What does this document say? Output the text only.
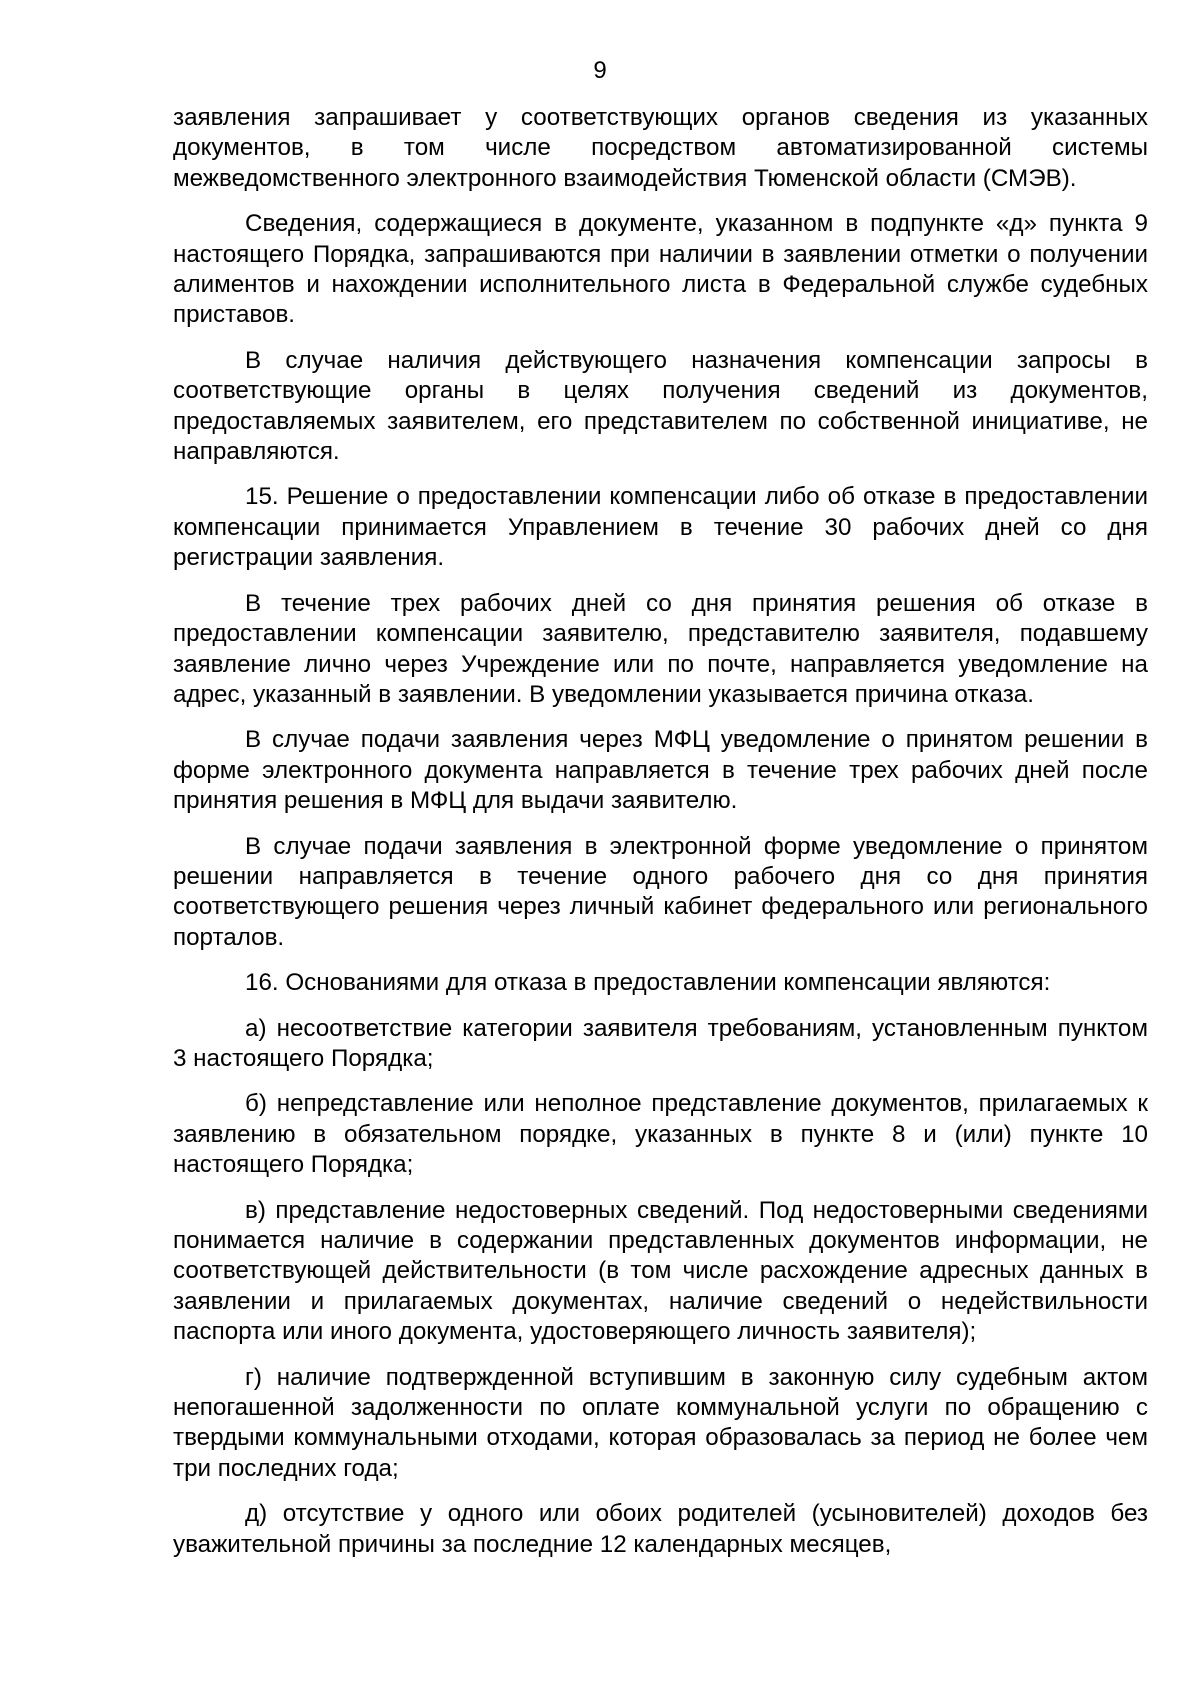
9

заявления запрашивает у соответствующих органов сведения из указанных документов, в том числе посредством автоматизированной системы межведомственного электронного взаимодействия Тюменской области (СМЭВ).

Сведения, содержащиеся в документе, указанном в подпункте «д» пункта 9 настоящего Порядка, запрашиваются при наличии в заявлении отметки о получении алиментов и нахождении исполнительного листа в Федеральной службе судебных приставов.

В случае наличия действующего назначения компенсации запросы в соответствующие органы в целях получения сведений из документов, предоставляемых заявителем, его представителем по собственной инициативе, не направляются.

15. Решение о предоставлении компенсации либо об отказе в предоставлении компенсации принимается Управлением в течение 30 рабочих дней со дня регистрации заявления.

В течение трех рабочих дней со дня принятия решения об отказе в предоставлении компенсации заявителю, представителю заявителя, подавшему заявление лично через Учреждение или по почте, направляется уведомление на адрес, указанный в заявлении. В уведомлении указывается причина отказа.

В случае подачи заявления через МФЦ уведомление о принятом решении в форме электронного документа направляется в течение трех рабочих дней после принятия решения в МФЦ для выдачи заявителю.

В случае подачи заявления в электронной форме уведомление о принятом решении направляется в течение одного рабочего дня со дня принятия соответствующего решения через личный кабинет федерального или регионального порталов.

16. Основаниями для отказа в предоставлении компенсации являются:

а) несоответствие категории заявителя требованиям, установленным пунктом 3 настоящего Порядка;

б) непредставление или неполное представление документов, прилагаемых к заявлению в обязательном порядке, указанных в пункте 8 и (или) пункте 10 настоящего Порядка;

в) представление недостоверных сведений. Под недостоверными сведениями понимается наличие в содержании представленных документов информации, не соответствующей действительности (в том числе расхождение адресных данных в заявлении и прилагаемых документах, наличие сведений о недействильности паспорта или иного документа, удостоверяющего личность заявителя);

г) наличие подтвержденной вступившим в законную силу судебным актом непогашенной задолженности по оплате коммунальной услуги по обращению с твердыми коммунальными отходами, которая образовалась за период не более чем три последних года;

д) отсутствие у одного или обоих родителей (усыновителей) доходов без уважительной причины за последние 12 календарных месяцев,
